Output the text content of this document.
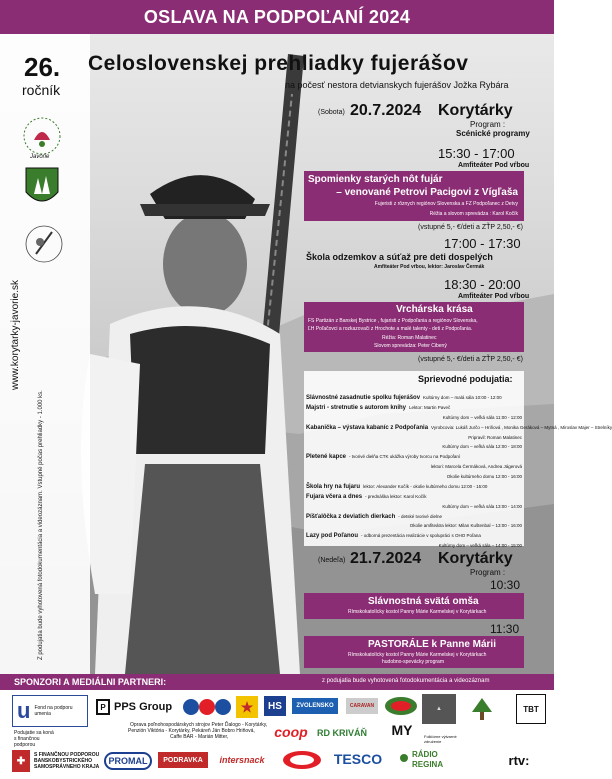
OSLAVA NA PODPOĽANÍ 2024
26.
ročník
Celoslovenskej prehliadky fujerášov
na počesť nestora detvianskych fujerášov Jožka Rybára
Javorie
www.korytarky-javorie.sk
Z podujatia bude vyhotovená fotodokumentácia a videozáznam. Vstupné počas prehliadky - 1.000 ks.
(Sobota) 20.7.2024 Korytárky
Program :
Scénické programy
15:30 - 17:00
Amfiteáter Pod vŕbou
Spomienky starých nôt fujár
– venované Petrovi Pacigovi z Vígľaša
Fujeristi z rôznych regiónov Slovenska a FZ Podpoľanec z Detvy
Réžia a slovom sprevádza : Karol Kočík
(vstupné 5,- €/deti a ZŤP 2,50,- €)
17:00 - 17:30
Škola odzemkov a súťaž pre deti dospelých
Amfiteáter Pod vŕbou, lektor: Jaroslav Čermák
18:30 - 20:00
Amfiteáter Pod vŕbou
Vrchárska krása
FS Partizán z Banskej Bystrice , fujaristi z Podpoľania a regiónov Slovenska,
ĽH Poľačovci a rozkazovači z Hrochote a malé talenty - deti z Podpoľania.
Réžia: Roman Malatinec
Slovom sprevádza: Peter Cibený
(vstupné 5,- €/deti a ZŤP 2,50,- €)
Sprievodné podujatia:
Slávnostné zasadnutie spolku fujerášov Kultúrny dom – malá sála 10:00 - 12:00
Majstri - stretnutie s autorom knihy Lektor: Martin Paveč
Kultúrny dom – veľká sála 11:00 - 12:00
Kabanička – výstava kabaníc z Podpoľania Vyrobcovia: Lukáš Jurčo – Hriňová , Monika Geráková – Mytná , Miroslav Majer – Strelníky
Pripravil: Roman Malatinec
Kultúrny dom – veľká sála 12:00 - 18:00
Pletené kapce - tvorivé dielňa CTK ukážka výroby tvorcu na Podpoľaní
lektori: Marcela Čermáková, Andrea Jágerová
Okolie kultúrneho domu 12:00 - 16:00
Škola hry na fujaru lektor: Alexander Kočík - okolie kultúrneho domu 12:00 - 15:00
Fujara včera a dnes - prednáška lektor: Karol Kočík
Kultúrny dom – veľká sála 13:00 - 14:00
Píšťalôčka z deviatich dierkach - detské tvorivé dielne
Okolie amfiteátra lektor: Milan Kuštenbal – 13:00 - 16:00
Lazy pod Poľanou - odborná prezentácia realizácie v spolupráci s OHO Poľana
Kultúrny dom – veľká sála – 14:00 - 15:00
(Nedeľa) 21.7.2024 Korytárky
Program :
10:30
Slávnostná svätá omša
Rímskokatolícky kostol Panny Márie Karmelskej v Korytárkach
11:30
PASTORÁLE k Panne Márii
Rímskokatolícky kostol Panny Márie Karmelskej v Korytárkach
hudobno-spevácky program
SPONZORI A MEDIÁLNI PARTNERI:	z podujatia bude vyhotovená fotodokumentácia a videozáznam
u Fond na podporu umenia
Podujatie sa koná
s finančnou
podporou
P PPS Group	★	HS	ZVOLENSKO	CARAVAN	▲	TBT
Oprava poľnohospodárskych strojov Peter Ďalogo - Korytárky,
Penzión Viktória - Korytárky, Pekáreň Ján Bobro Hriňová,
Caffe BAR - Marián Mitter,	coop	RD KRIVÁŇ	MY	Folklórne výtvarné združenie
✚
S FINANČNOU PODPOROU
BANSKOBYSTRICKÉHO
SAMOSPRÁVNEHO KRAJA
PROMAL	PODRAVKA	intersnack	TESCO	RÁDIO
REGINA	rtv:
